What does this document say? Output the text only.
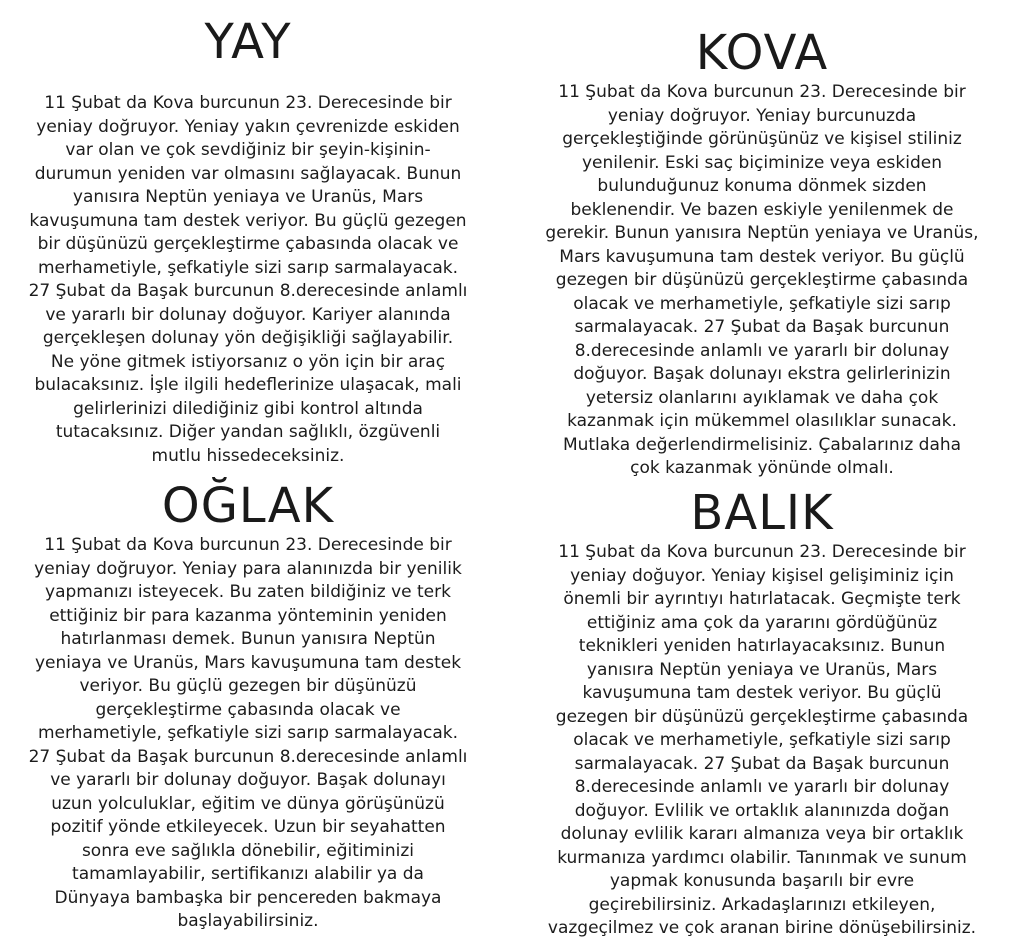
YAY

11 Şubat da Kova burcunun 23. Derecesinde bir
yeniay doğruyor. Yeniay yakın çevrenizde eskiden
var olan ve çok sevdiğiniz bir şeyin-kişinin-
durumun yeniden var olmasını sağlayacak. Bunun
yanısıra Neptün yeniaya ve Uranüs, Mars
kavuşumuna tam destek veriyor. Bu güçlü gezegen
bir düşünüzü gerçekleştirme çabasında olacak ve
merhametiyle, şefkatiyle sizi sarıp sarmalayacak.
27 Şubat da Başak burcunun 8.derecesinde anlamlı
ve yararlı bir dolunay doğuyor. Kariyer alanında
gerçekleşen dolunay yön değişikliği sağlayabilir.
Ne yöne gitmek istiyorsanız o yön için bir araç
bulacaksınız. İşle ilgili hedeflerinize ulaşacak, mali
gelirlerinizi dilediğiniz gibi kontrol altında
tutacaksınız. Diğer yandan sağlıklı, özgüvenli
mutlu hissedeceksiniz.

KOVA

11 Şubat da Kova burcunun 23. Derecesinde bir
yeniay doğruyor. Yeniay burcunuzda
gerçekleştiğinde görünüşünüz ve kişisel stiliniz
yenilenir. Eski saç biçiminize veya eskiden
bulunduğunuz konuma dönmek sizden
beklenendir. Ve bazen eskiyle yenilenmek de
gerekir. Bunun yanısıra Neptün yeniaya ve Uranüs,
Mars kavuşumuna tam destek veriyor. Bu güçlü
gezegen bir düşünüzü gerçekleştirme çabasında
olacak ve merhametiyle, şefkatiyle sizi sarıp
sarmalayacak. 27 Şubat da Başak burcunun
8.derecesinde anlamlı ve yararlı bir dolunay
doğuyor. Başak dolunayı ekstra gelirlerinizin
yetersiz olanlarını ayıklamak ve daha çok
kazanmak için mükemmel olasılıklar sunacak.
Mutlaka değerlendirmelisiniz. Çabalarınız daha
çok kazanmak yönünde olmalı.

OĞLAK

11 Şubat da Kova burcunun 23. Derecesinde bir
yeniay doğruyor. Yeniay para alanınızda bir yenilik
yapmanızı isteyecek. Bu zaten bildiğiniz ve terk
ettiğiniz bir para kazanma yönteminin yeniden
hatırlanması demek. Bunun yanısıra Neptün
yeniaya ve Uranüs, Mars kavuşumuna tam destek
veriyor. Bu güçlü gezegen bir düşünüzü
gerçekleştirme çabasında olacak ve
merhametiyle, şefkatiyle sizi sarıp sarmalayacak.
27 Şubat da Başak burcunun 8.derecesinde anlamlı
ve yararlı bir dolunay doğuyor. Başak dolunayı
uzun yolculuklar, eğitim ve dünya görüşünüzü
pozitif yönde etkileyecek. Uzun bir seyahatten
sonra eve sağlıkla dönebilir, eğitiminizi
tamamlayabilir, sertifikanızı alabilir ya da
Dünyaya bambaşka bir pencereden bakmaya
başlayabilirsiniz.

BALIK

11 Şubat da Kova burcunun 23. Derecesinde bir
yeniay doğuyor. Yeniay kişisel gelişiminiz için
önemli bir ayrıntıyı hatırlatacak. Geçmişte terk
ettiğiniz ama çok da yararını gördüğünüz
teknikleri yeniden hatırlayacaksınız. Bunun
yanısıra Neptün yeniaya ve Uranüs, Mars
kavuşumuna tam destek veriyor. Bu güçlü
gezegen bir düşünüzü gerçekleştirme çabasında
olacak ve merhametiyle, şefkatiyle sizi sarıp
sarmalayacak. 27 Şubat da Başak burcunun
8.derecesinde anlamlı ve yararlı bir dolunay
doğuyor. Evlilik ve ortaklık alanınızda doğan
dolunay evlilik kararı almanıza veya bir ortaklık
kurmanıza yardımcı olabilir. Tanınmak ve sunum
yapmak konusunda başarılı bir evre
geçirebilirsiniz. Arkadaşlarınızı etkileyen,
vazgeçilmez ve çok aranan birine dönüşebilirsiniz.
